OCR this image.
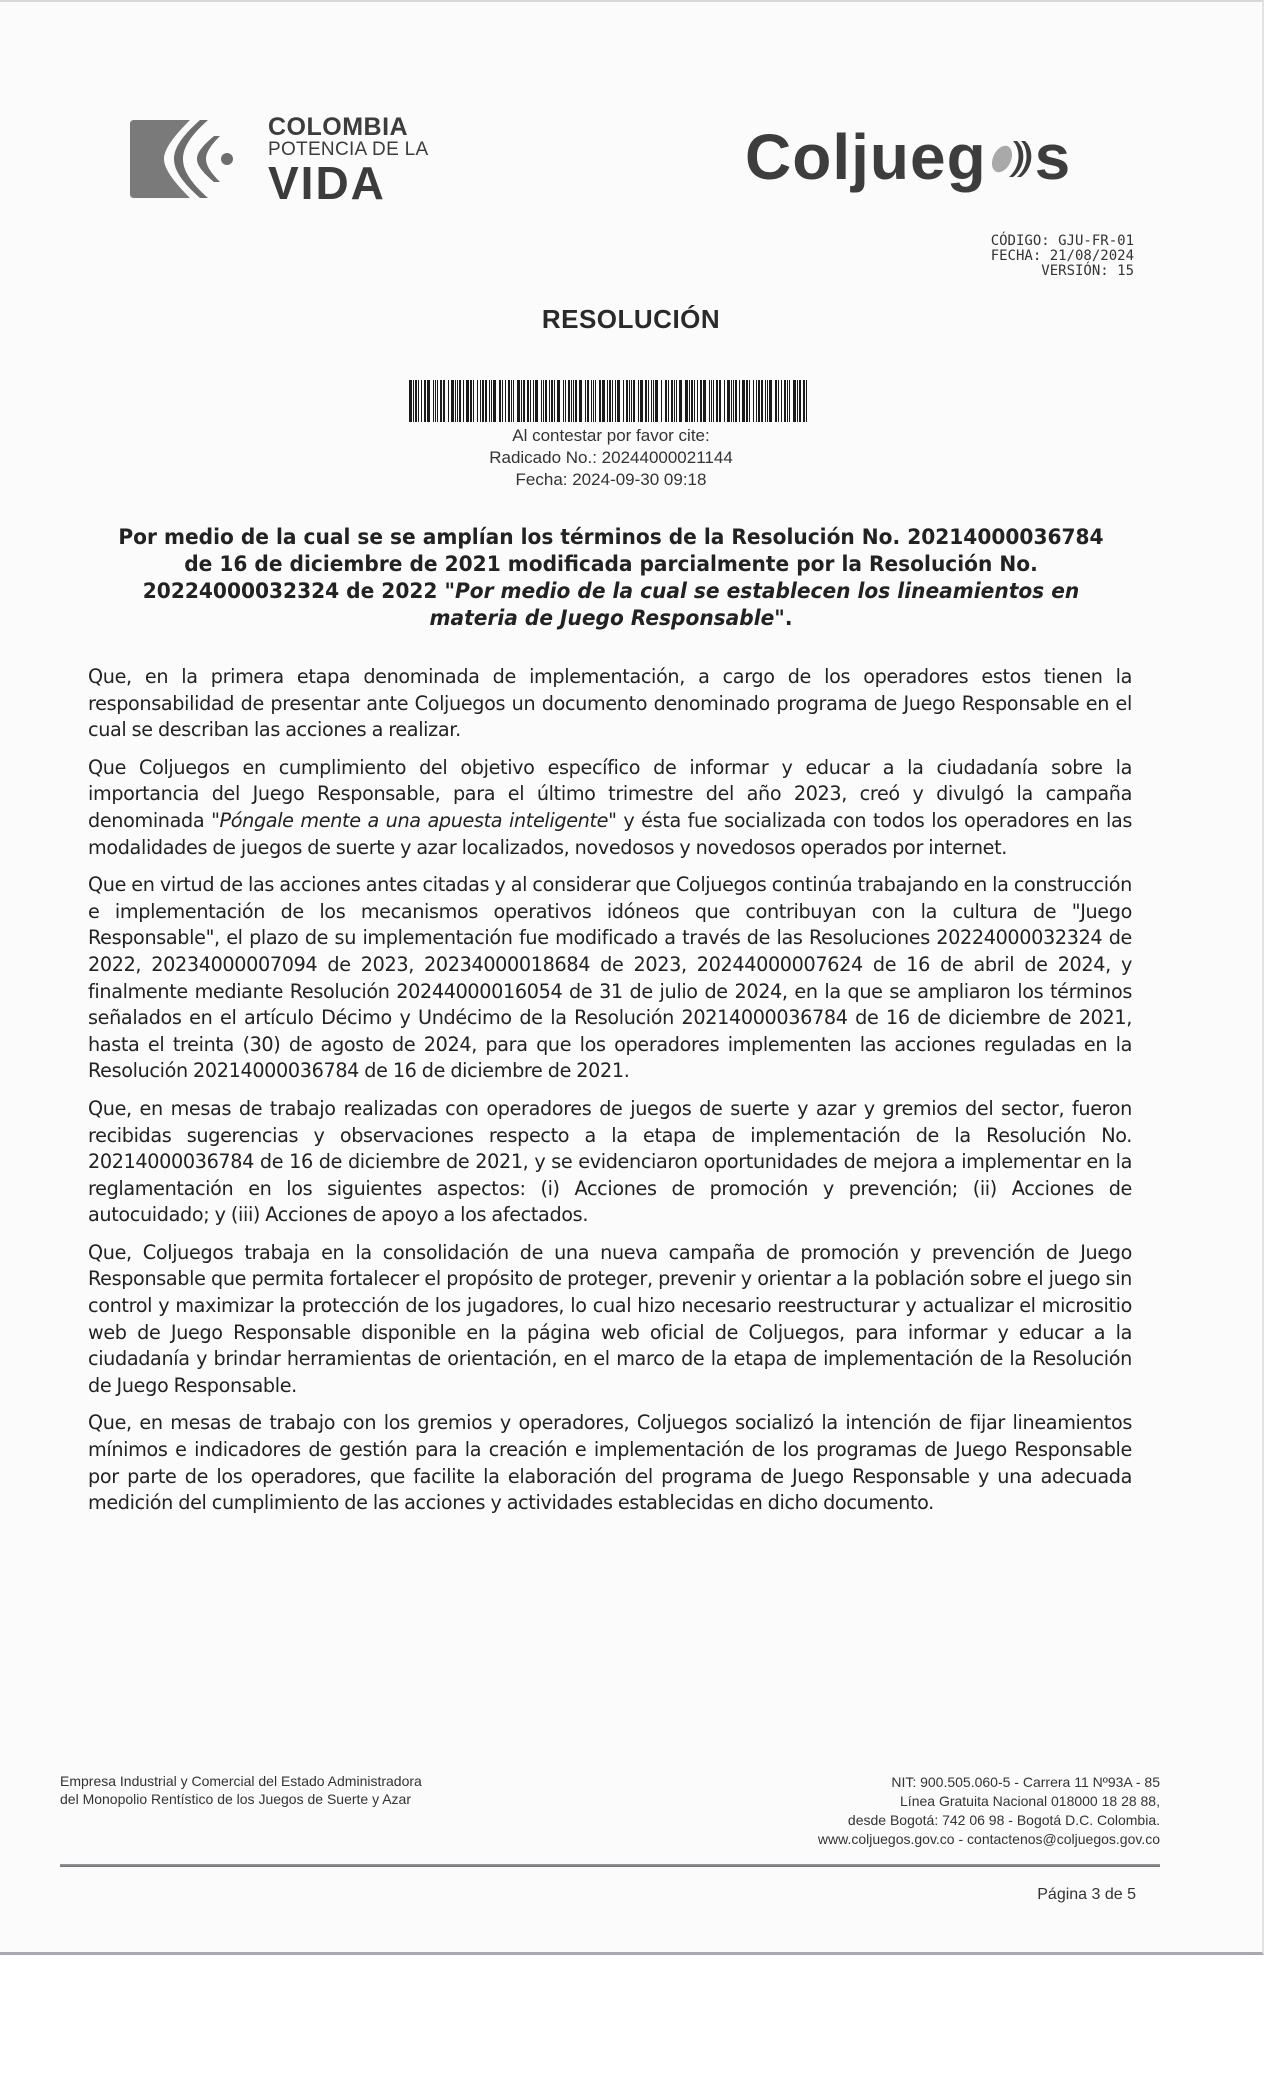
COLOMBIA
POTENCIA DE LA
VIDA	Coljueg s
CÓDIGO: GJU-FR-01
FECHA: 21/08/2024
VERSIÓN: 15
RESOLUCIÓN
Al contestar por favor cite:
Radicado No.: 20244000021144
Fecha: 2024-09-30 09:18
Por medio de la cual se se amplían los términos de la Resolución No. 20214000036784 de 16 de diciembre de 2021 modificada parcialmente por la Resolución No. 20224000032324 de 2022 "Por medio de la cual se establecen los lineamientos en materia de Juego Responsable".

Que, en la primera etapa denominada de implementación, a cargo de los operadores estos tienen la responsabilidad de presentar ante Coljuegos un documento denominado programa de Juego Responsable en el cual se describan las acciones a realizar.

Que Coljuegos en cumplimiento del objetivo específico de informar y educar a la ciudadanía sobre la importancia del Juego Responsable, para el último trimestre del año 2023, creó y divulgó la campaña denominada "Póngale mente a una apuesta inteligente" y ésta fue socializada con todos los operadores en las modalidades de juegos de suerte y azar localizados, novedosos y novedosos operados por internet.

Que en virtud de las acciones antes citadas y al considerar que Coljuegos continúa trabajando en la construcción e implementación de los mecanismos operativos idóneos que contribuyan con la cultura de "Juego Responsable", el plazo de su implementación fue modificado a través de las Resoluciones 20224000032324 de 2022, 20234000007094 de 2023, 20234000018684 de 2023, 20244000007624 de 16 de abril de 2024, y finalmente mediante Resolución 20244000016054 de 31 de julio de 2024, en la que se ampliaron los términos señalados en el artículo Décimo y Undécimo de la Resolución 20214000036784 de 16 de diciembre de 2021, hasta el treinta (30) de agosto de 2024, para que los operadores implementen las acciones reguladas en la Resolución 20214000036784 de 16 de diciembre de 2021.

Que, en mesas de trabajo realizadas con operadores de juegos de suerte y azar y gremios del sector, fueron recibidas sugerencias y observaciones respecto a la etapa de implementación de la Resolución No. 20214000036784 de 16 de diciembre de 2021, y se evidenciaron oportunidades de mejora a implementar en la reglamentación en los siguientes aspectos: (i) Acciones de promoción y prevención; (ii) Acciones de autocuidado; y (iii) Acciones de apoyo a los afectados.

Que, Coljuegos trabaja en la consolidación de una nueva campaña de promoción y prevención de Juego Responsable que permita fortalecer el propósito de proteger, prevenir y orientar a la población sobre el juego sin control y maximizar la protección de los jugadores, lo cual hizo necesario reestructurar y actualizar el micrositio web de Juego Responsable disponible en la página web oficial de Coljuegos, para informar y educar a la ciudadanía y brindar herramientas de orientación, en el marco de la etapa de implementación de la Resolución de Juego Responsable.

Que, en mesas de trabajo con los gremios y operadores, Coljuegos socializó la intención de fijar lineamientos mínimos e indicadores de gestión para la creación e implementación de los programas de Juego Responsable por parte de los operadores, que facilite la elaboración del programa de Juego Responsable y una adecuada medición del cumplimiento de las acciones y actividades establecidas en dicho documento.

Empresa Industrial y Comercial del Estado Administradora
del Monopolio Rentístico de los Juegos de Suerte y Azar
NIT: 900.505.060-5 - Carrera 11 Nº93A - 85
Línea Gratuita Nacional 018000 18 28 88,
desde Bogotá: 742 06 98 - Bogotá D.C. Colombia.
www.coljuegos.gov.co - contactenos@coljuegos.gov.co
Página 3 de 5
